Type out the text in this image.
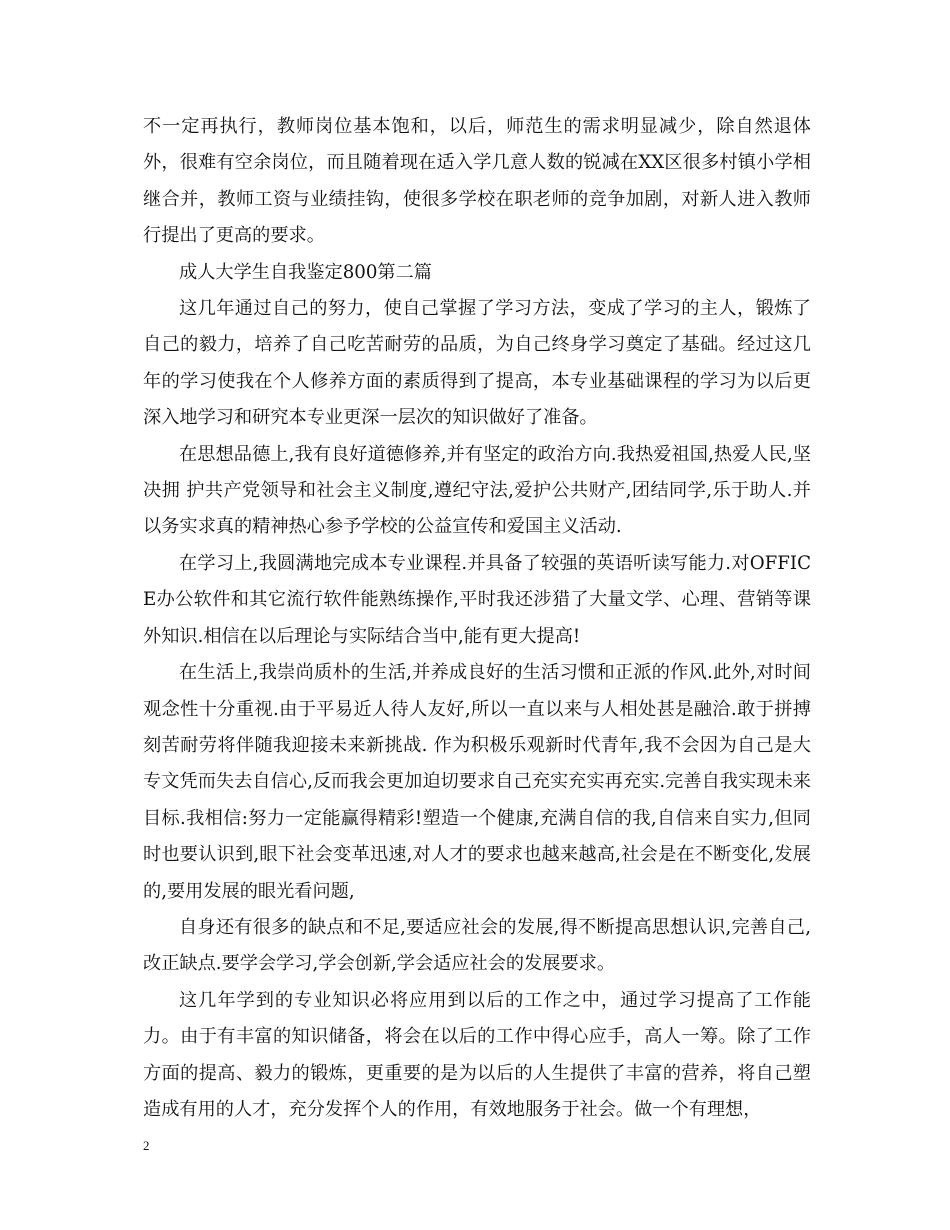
不一定再执行，教师岗位基本饱和，以后，师范生的需求明显减少，除自然退体外，很难有空余岗位，而且随着现在适入学几意人数的锐减在XX区很多村镇小学相继合并，教师工资与业绩挂钩，使很多学校在职老师的竞争加剧，对新人进入教师行提出了更高的要求。

成人大学生自我鉴定800第二篇

这几年通过自己的努力，使自己掌握了学习方法，变成了学习的主人，锻炼了自己的毅力，培养了自己吃苦耐劳的品质，为自己终身学习奠定了基础。经过这几年的学习使我在个人修养方面的素质得到了提高，本专业基础课程的学习为以后更深入地学习和研究本专业更深一层次的知识做好了准备。

在思想品德上,我有良好道德修养,并有坚定的政治方向.我热爱祖国,热爱人民,坚决拥 护共产党领导和社会主义制度,遵纪守法,爱护公共财产,团结同学,乐于助人.并以务实求真的精神热心参予学校的公益宣传和爱国主义活动.

在学习上,我圆满地完成本专业课程.并具备了较强的英语听读写能力.对OFFICE办公软件和其它流行软件能熟练操作,平时我还涉猎了大量文学、心理、营销等课外知识.相信在以后理论与实际结合当中,能有更大提高!

在生活上,我崇尚质朴的生活,并养成良好的生活习惯和正派的作风.此外,对时间观念性十分重视.由于平易近人待人友好,所以一直以来与人相处甚是融洽.敢于拼搏刻苦耐劳将伴随我迎接未来新挑战. 作为积极乐观新时代青年,我不会因为自己是大专文凭而失去自信心,反而我会更加迫切要求自己充实充实再充实.完善自我实现未来目标.我相信:努力一定能赢得精彩!塑造一个健康,充满自信的我,自信来自实力,但同时也要认识到,眼下社会变革迅速,对人才的要求也越来越高,社会是在不断变化,发展的,要用发展的眼光看问题,

自身还有很多的缺点和不足,要适应社会的发展,得不断提高思想认识,完善自己,改正缺点.要学会学习,学会创新,学会适应社会的发展要求。

这几年学到的专业知识必将应用到以后的工作之中，通过学习提高了工作能力。由于有丰富的知识储备，将会在以后的工作中得心应手，高人一筹。除了工作方面的提高、毅力的锻炼，更重要的是为以后的人生提供了丰富的营养，将自己塑造成有用的人才，充分发挥个人的作用，有效地服务于社会。做一个有理想，

2
